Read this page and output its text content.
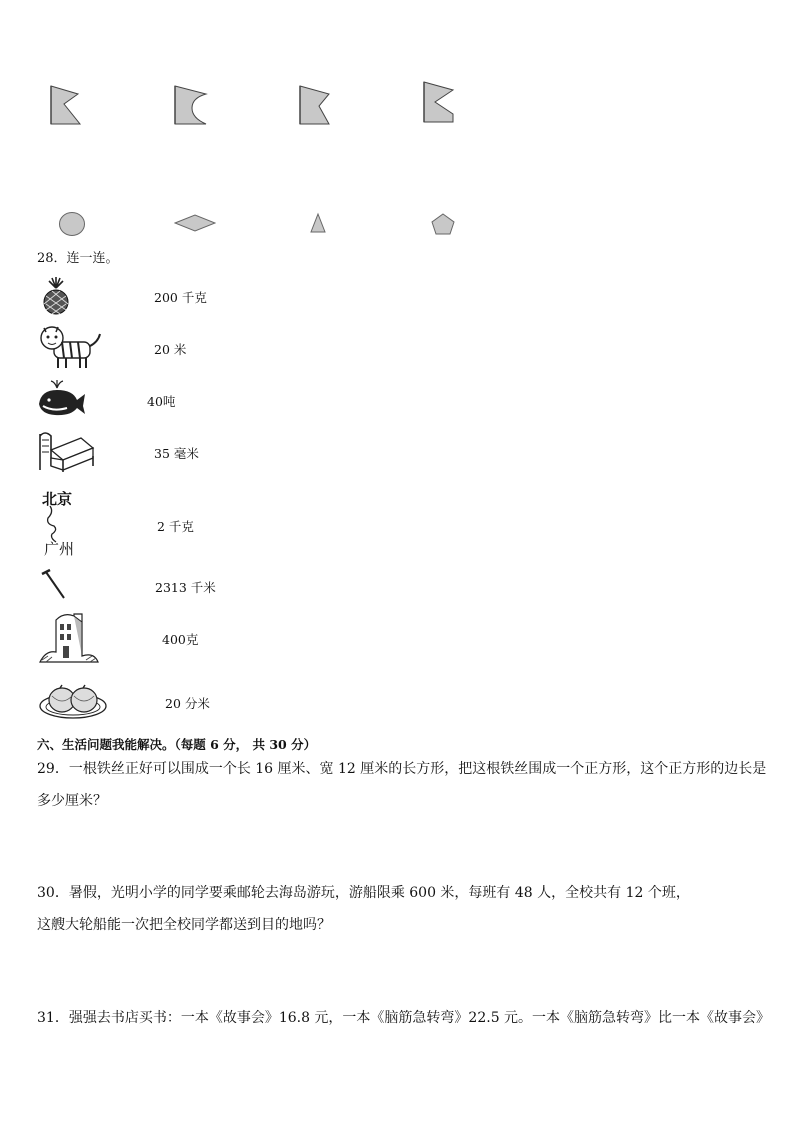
28．连一连。
200 千克
20 米
40吨
35 毫米
北京
广州
2 千克
2313 千米
400克
20 分米
六、生活问题我能解决。（每题 6 分， 共 30 分）
29．一根铁丝正好可以围成一个长 16 厘米、宽 12 厘米的长方形，把这根铁丝围成一个正方形，这个正方形的边长是
多少厘米？
30．暑假，光明小学的同学要乘邮轮去海岛游玩，游船限乘 600 米，每班有 48 人，全校共有 12 个班，
这艘大轮船能一次把全校同学都送到目的地吗？
31．强强去书店买书：一本《故事会》16.8 元，一本《脑筋急转弯》22.5 元。一本《脑筋急转弯》比一本《故事会》
